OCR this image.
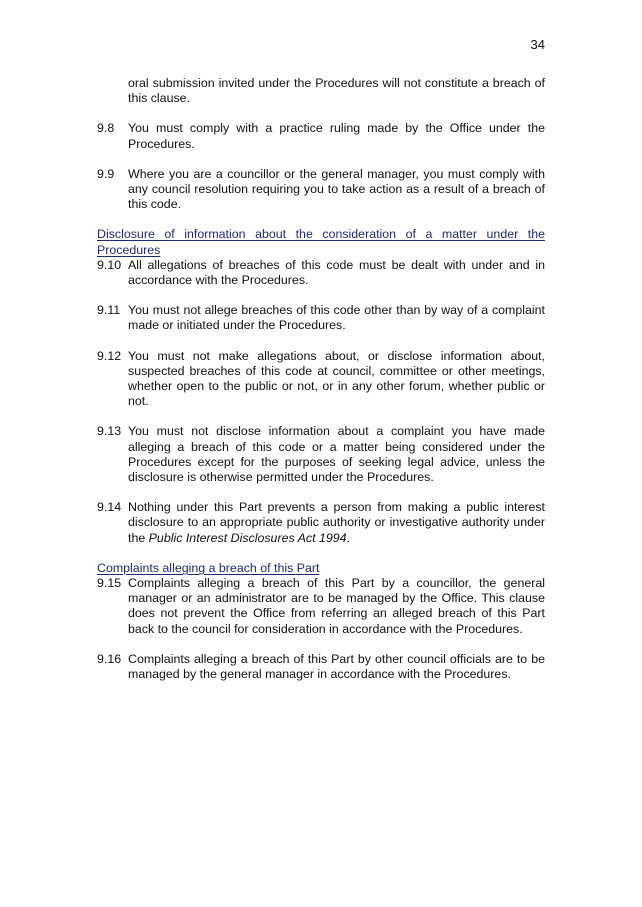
34
oral submission invited under the Procedures will not constitute a breach of this clause.
9.8	You must comply with a practice ruling made by the Office under the Procedures.
9.9	Where you are a councillor or the general manager, you must comply with any council resolution requiring you to take action as a result of a breach of this code.
Disclosure of information about the consideration of a matter under the Procedures
9.10 All allegations of breaches of this code must be dealt with under and in accordance with the Procedures.
9.11 You must not allege breaches of this code other than by way of a complaint made or initiated under the Procedures.
9.12 You must not make allegations about, or disclose information about, suspected breaches of this code at council, committee or other meetings, whether open to the public or not, or in any other forum, whether public or not.
9.13 You must not disclose information about a complaint you have made alleging a breach of this code or a matter being considered under the Procedures except for the purposes of seeking legal advice, unless the disclosure is otherwise permitted under the Procedures.
9.14 Nothing under this Part prevents a person from making a public interest disclosure to an appropriate public authority or investigative authority under the Public Interest Disclosures Act 1994.
Complaints alleging a breach of this Part
9.15 Complaints alleging a breach of this Part by a councillor, the general manager or an administrator are to be managed by the Office. This clause does not prevent the Office from referring an alleged breach of this Part back to the council for consideration in accordance with the Procedures.
9.16 Complaints alleging a breach of this Part by other council officials are to be managed by the general manager in accordance with the Procedures.
